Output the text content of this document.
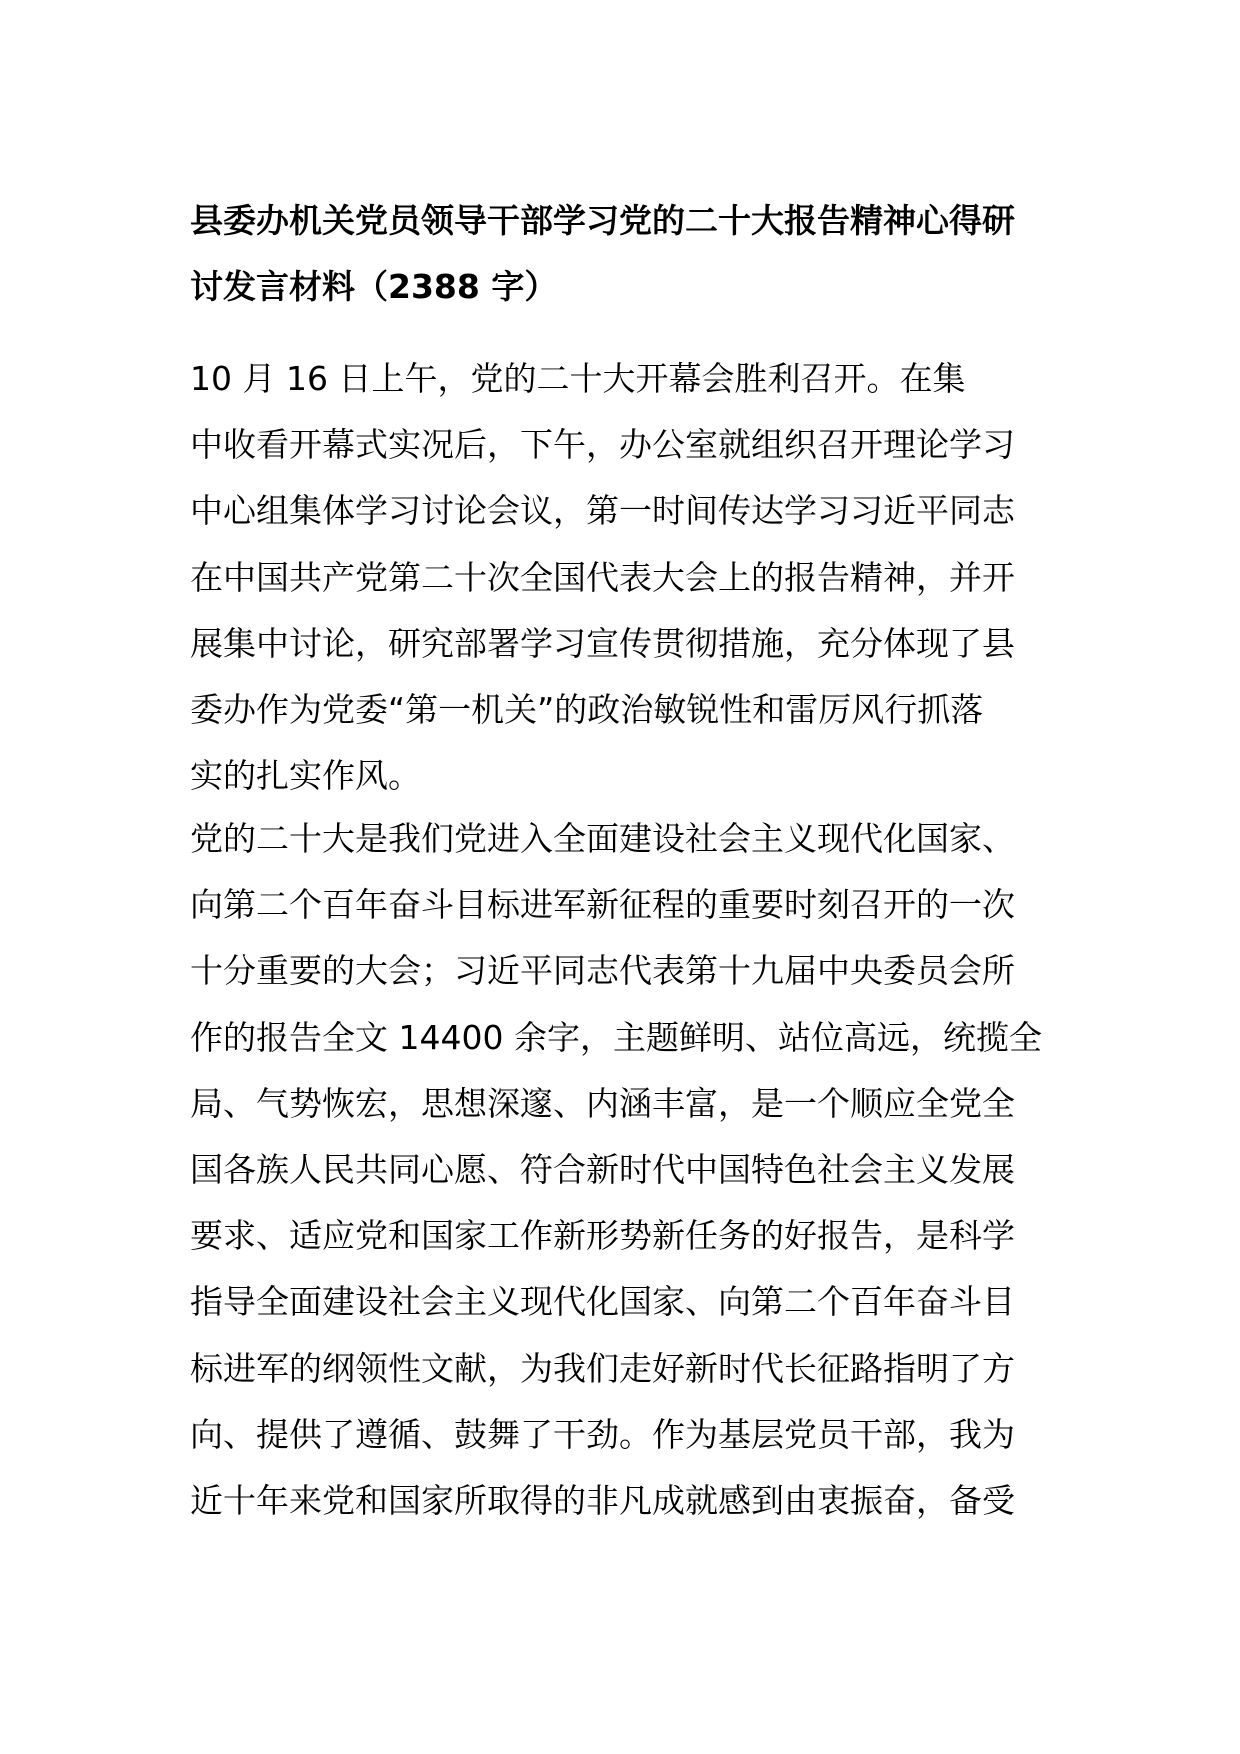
县委办机关党员领导干部学习党的二十大报告精神心得研
讨发言材料（2388 字）

10 月 16 日上午，党的二十大开幕会胜利召开。在集
中收看开幕式实况后，下午，办公室就组织召开理论学习
中心组集体学习讨论会议，第一时间传达学习习近平同志
在中国共产党第二十次全国代表大会上的报告精神，并开
展集中讨论，研究部署学习宣传贯彻措施，充分体现了县
委办作为党委“第一机关”的政治敏锐性和雷厉风行抓落
实的扎实作风。

党的二十大是我们党进入全面建设社会主义现代化国家、
向第二个百年奋斗目标进军新征程的重要时刻召开的一次
十分重要的大会；习近平同志代表第十九届中央委员会所
作的报告全文 14400 余字，主题鲜明、站位高远，统揽全
局、气势恢宏，思想深邃、内涵丰富，是一个顺应全党全
国各族人民共同心愿、符合新时代中国特色社会主义发展
要求、适应党和国家工作新形势新任务的好报告，是科学
指导全面建设社会主义现代化国家、向第二个百年奋斗目
标进军的纲领性文献，为我们走好新时代长征路指明了方
向、提供了遵循、鼓舞了干劲。作为基层党员干部，我为
近十年来党和国家所取得的非凡成就感到由衷振奋，备受
